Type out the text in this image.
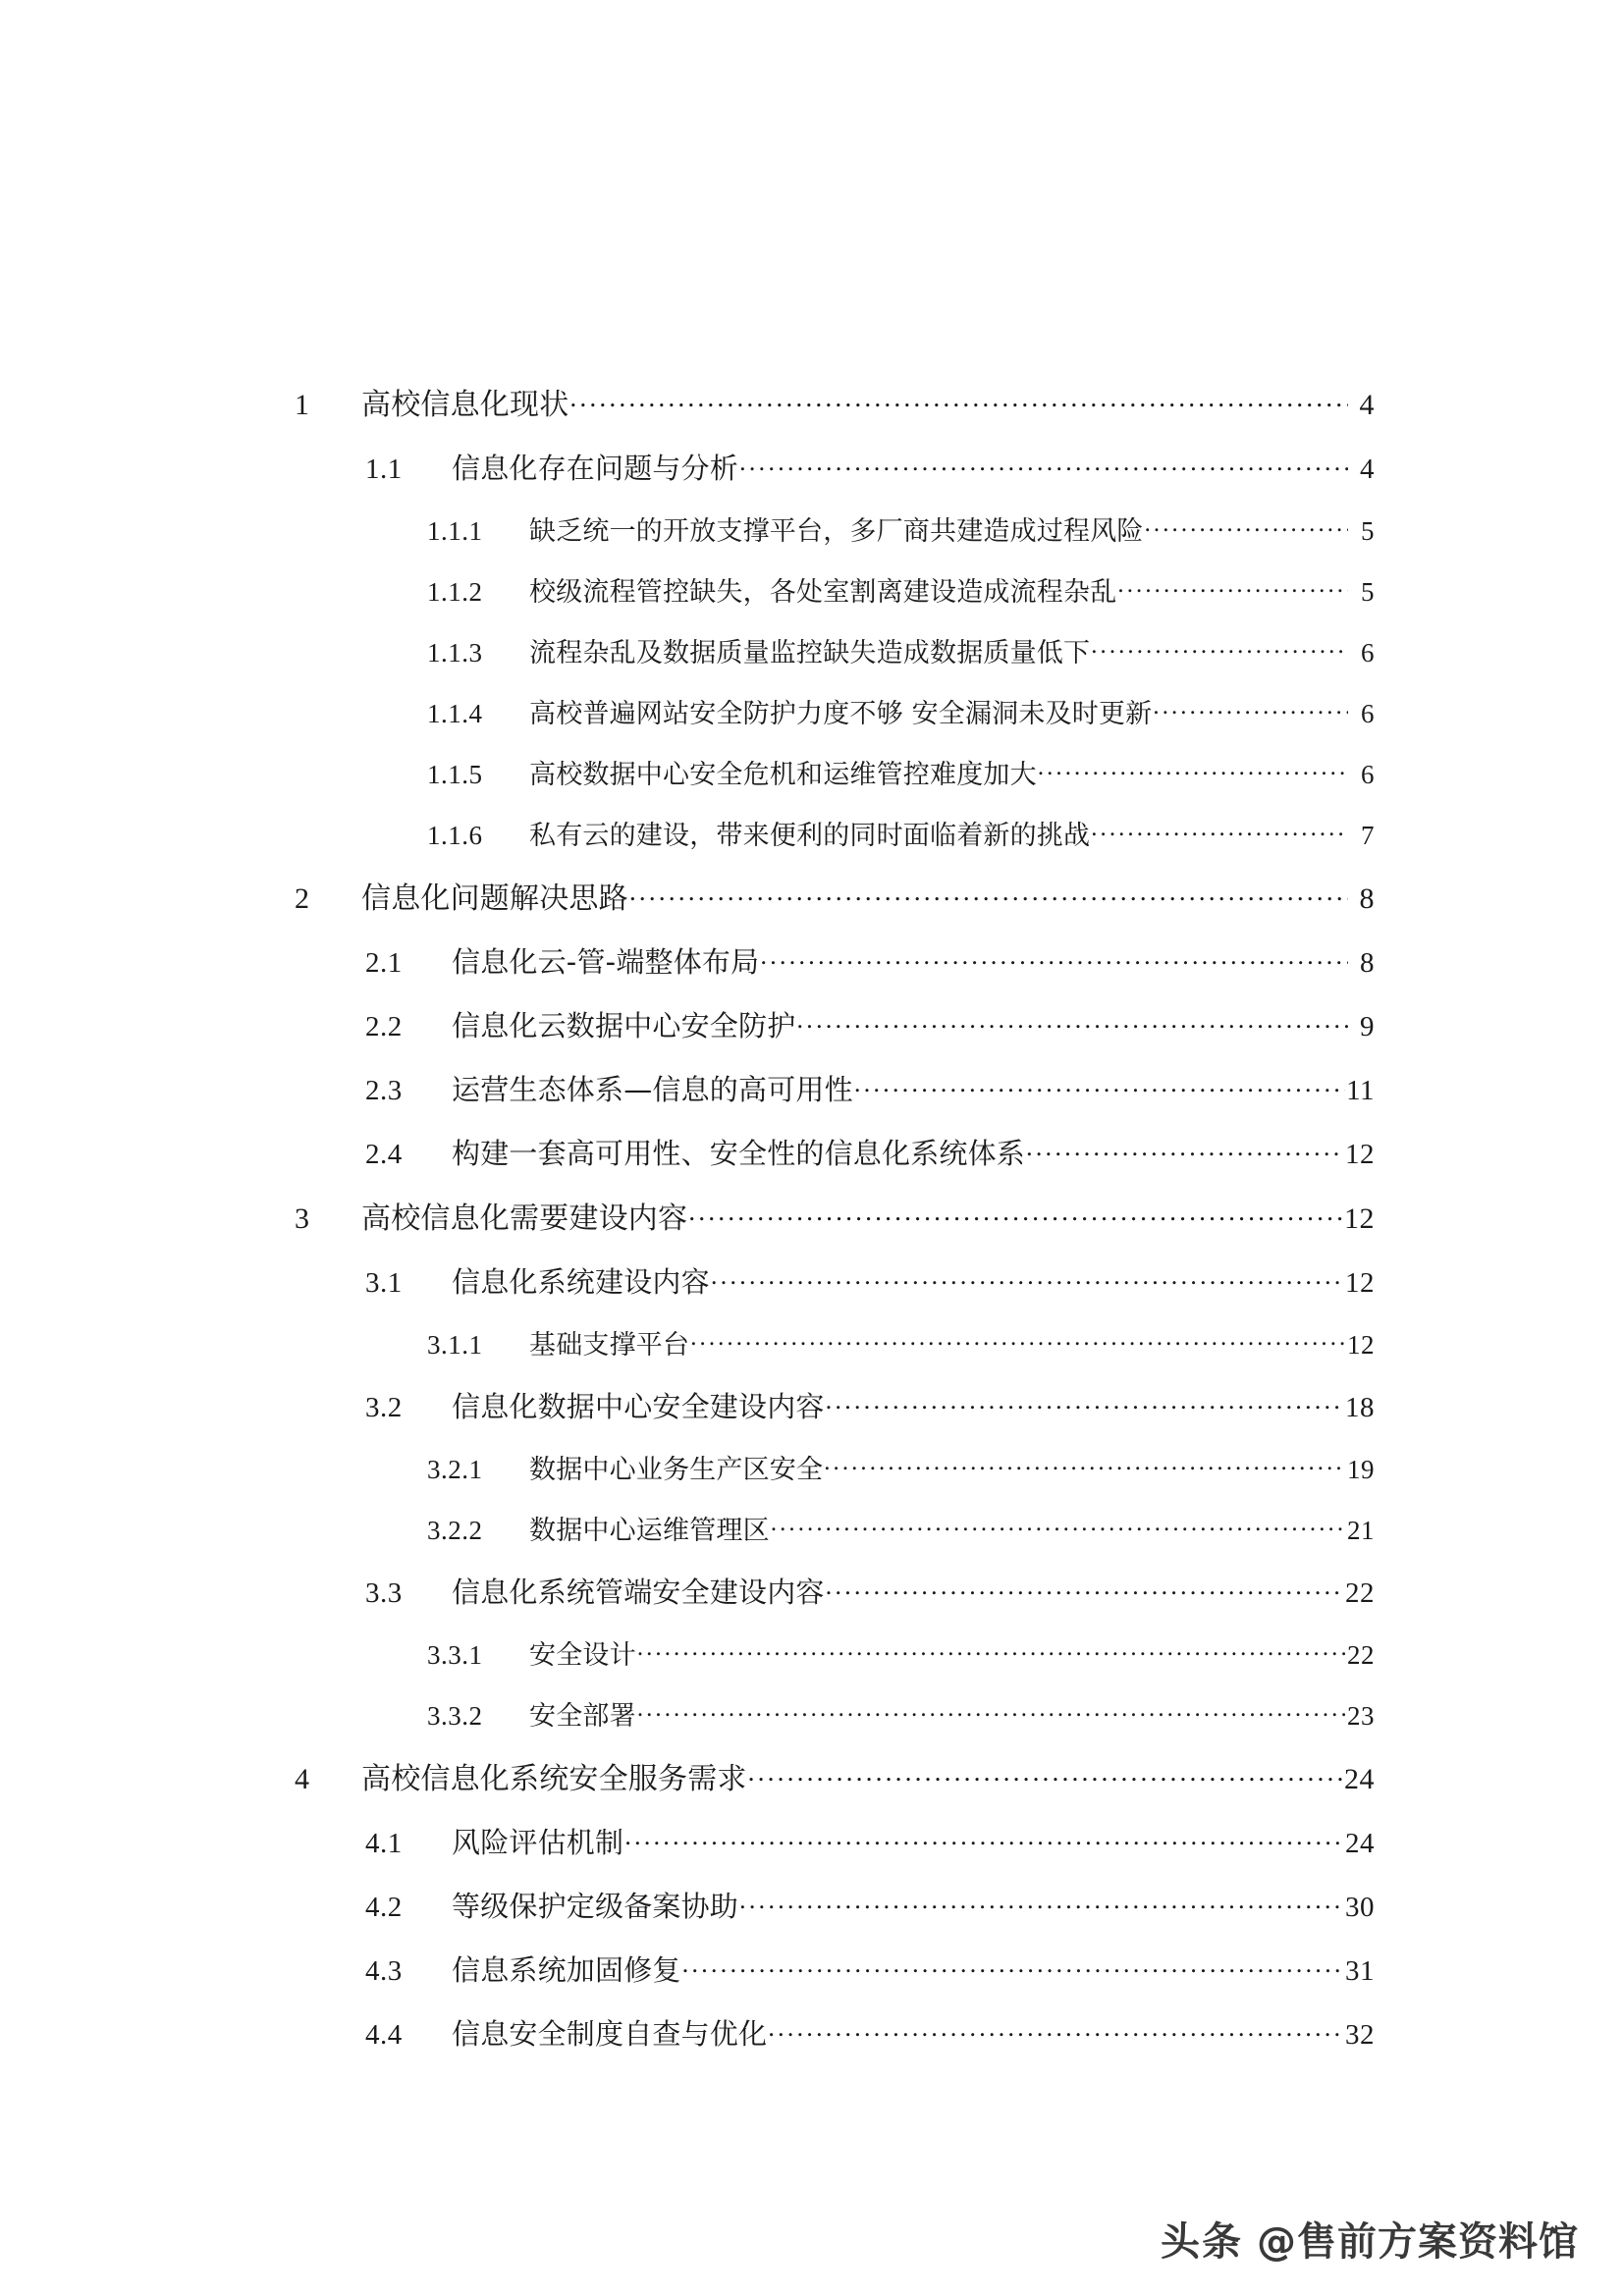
1	高校信息化现状 .....	4
1.1	信息化存在问题与分析 .....	4
1.1.1	缺乏统一的开放支撑平台，多厂商共建造成过程风险 .....	5
1.1.2	校级流程管控缺失，各处室割离建设造成流程杂乱 .....	5
1.1.3	流程杂乱及数据质量监控缺失造成数据质量低下 .....	6
1.1.4	高校普遍网站安全防护力度不够 安全漏洞未及时更新 .....	6
1.1.5	高校数据中心安全危机和运维管控难度加大 .....	6
1.1.6	私有云的建设，带来便利的同时面临着新的挑战 .....	7
2	信息化问题解决思路 .....	8
2.1	信息化云-管-端整体布局 .....	8
2.2	信息化云数据中心安全防护 .....	9
2.3	运营生态体系—信息的高可用性 .....	11
2.4	构建一套高可用性、安全性的信息化系统体系 .....	12
3	高校信息化需要建设内容 .....	12
3.1	信息化系统建设内容 .....	12
3.1.1	基础支撑平台 .....	12
3.2	信息化数据中心安全建设内容 .....	18
3.2.1	数据中心业务生产区安全 .....	19
3.2.2	数据中心运维管理区 .....	21
3.3	信息化系统管端安全建设内容 .....	22
3.3.1	安全设计 .....	22
3.3.2	安全部署 .....	23
4	高校信息化系统安全服务需求 .....	24
4.1	风险评估机制 .....	24
4.2	等级保护定级备案协助 .....	30
4.3	信息系统加固修复 .....	31
4.4	信息安全制度自查与优化 .....	32
头条 @售前方案资料馆
